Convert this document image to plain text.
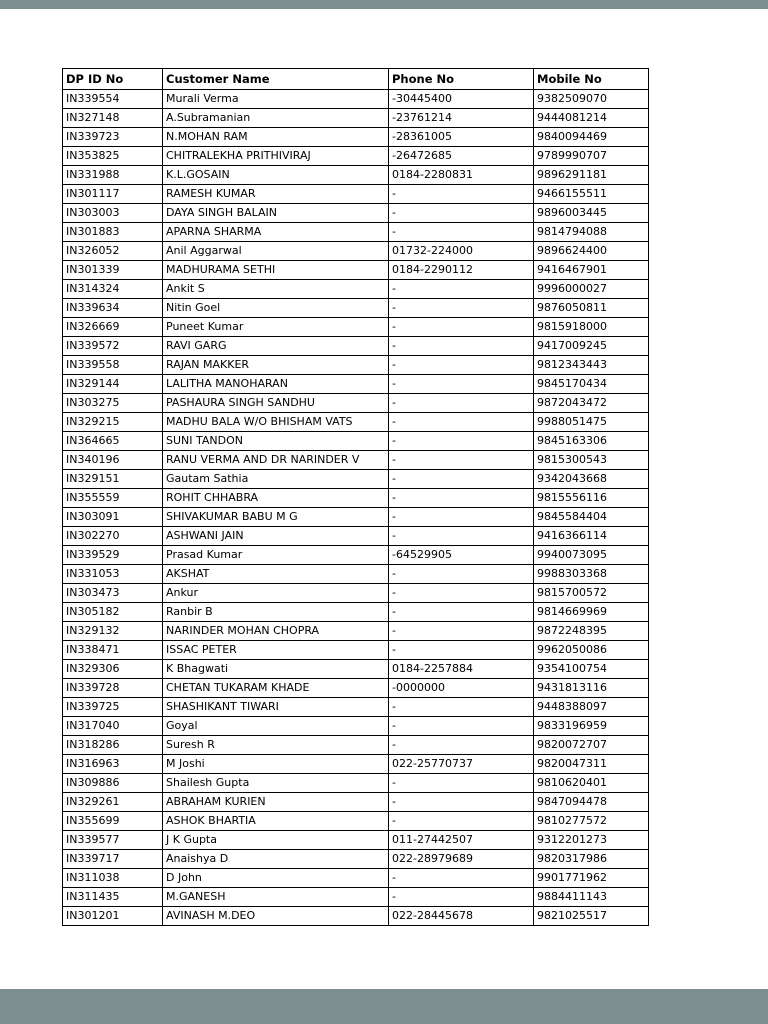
DP ID No	Customer Name	Phone No	Mobile No
IN339554	Murali Verma	-30445400	9382509070
IN327148	A.Subramanian	-23761214	9444081214
IN339723	N.MOHAN RAM	-28361005	9840094469
IN353825	CHITRALEKHA PRITHIVIRAJ	-26472685	9789990707
IN331988	K.L.GOSAIN	0184-2280831	9896291181
IN301117	RAMESH KUMAR	-	9466155511
IN303003	DAYA SINGH BALAIN	-	9896003445
IN301883	APARNA SHARMA	-	9814794088
IN326052	Anil Aggarwal	01732-224000	9896624400
IN301339	MADHURAMA SETHI	0184-2290112	9416467901
IN314324	Ankit S	-	9996000027
IN339634	Nitin Goel	-	9876050811
IN326669	Puneet Kumar	-	9815918000
IN339572	RAVI GARG	-	9417009245
IN339558	RAJAN MAKKER	-	9812343443
IN329144	LALITHA MANOHARAN	-	9845170434
IN303275	PASHAURA SINGH SANDHU	-	9872043472
IN329215	MADHU BALA W/O BHISHAM VATS	-	9988051475
IN364665	SUNI TANDON	-	9845163306
IN340196	RANU VERMA AND DR NARINDER V	-	9815300543
IN329151	Gautam Sathia	-	9342043668
IN355559	ROHIT CHHABRA	-	9815556116
IN303091	SHIVAKUMAR BABU M G	-	9845584404
IN302270	ASHWANI JAIN	-	9416366114
IN339529	Prasad Kumar	-64529905	9940073095
IN331053	AKSHAT	-	9988303368
IN303473	Ankur	-	9815700572
IN305182	Ranbir B	-	9814669969
IN329132	NARINDER MOHAN CHOPRA	-	9872248395
IN338471	ISSAC PETER	-	9962050086
IN329306	K Bhagwati	0184-2257884	9354100754
IN339728	CHETAN TUKARAM KHADE	-0000000	9431813116
IN339725	SHASHIKANT TIWARI	-	9448388097
IN317040	Goyal	-	9833196959
IN318286	Suresh R	-	9820072707
IN316963	M Joshi	022-25770737	9820047311
IN309886	Shailesh Gupta	-	9810620401
IN329261	ABRAHAM KURIEN	-	9847094478
IN355699	ASHOK BHARTIA	-	9810277572
IN339577	J K Gupta	011-27442507	9312201273
IN339717	Anaishya D	022-28979689	9820317986
IN311038	D John	-	9901771962
IN311435	M.GANESH	-	9884411143
IN301201	AVINASH M.DEO	022-28445678	9821025517
